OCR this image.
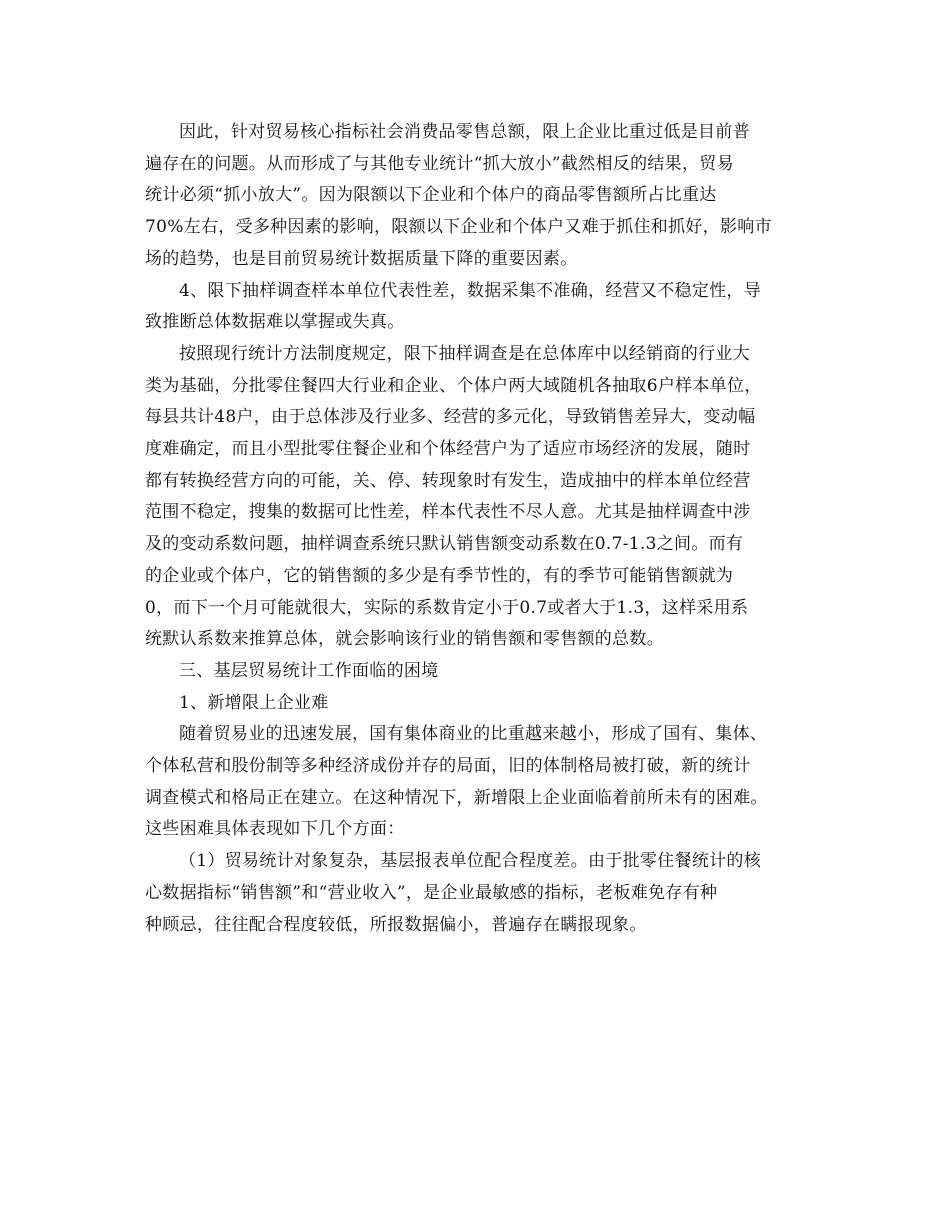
因此，针对贸易核心指标社会消费品零售总额，限上企业比重过低是目前普
遍存在的问题。从而形成了与其他专业统计“抓大放小”截然相反的结果，贸易
统计必须“抓小放大”。因为限额以下企业和个体户的商品零售额所占比重达
70%左右，受多种因素的影响，限额以下企业和个体户又难于抓住和抓好，影响市
场的趋势，也是目前贸易统计数据质量下降的重要因素。

4、限下抽样调查样本单位代表性差，数据采集不准确，经营又不稳定性，导
致推断总体数据难以掌握或失真。

按照现行统计方法制度规定，限下抽样调查是在总体库中以经销商的行业大
类为基础，分批零住餐四大行业和企业、个体户两大域随机各抽取6户样本单位，
每县共计48户，由于总体涉及行业多、经营的多元化，导致销售差异大，变动幅
度难确定，而且小型批零住餐企业和个体经营户为了适应市场经济的发展，随时
都有转换经营方向的可能，关、停、转现象时有发生，造成抽中的样本单位经营
范围不稳定，搜集的数据可比性差，样本代表性不尽人意。尤其是抽样调查中涉
及的变动系数问题，抽样调查系统只默认销售额变动系数在0.7-1.3之间。而有
的企业或个体户，它的销售额的多少是有季节性的，有的季节可能销售额就为
0，而下一个月可能就很大，实际的系数肯定小于0.7或者大于1.3，这样采用系
统默认系数来推算总体，就会影响该行业的销售额和零售额的总数。

三、基层贸易统计工作面临的困境

1、新增限上企业难

随着贸易业的迅速发展，国有集体商业的比重越来越小，形成了国有、集体、
个体私营和股份制等多种经济成份并存的局面，旧的体制格局被打破，新的统计
调查模式和格局正在建立。在这种情况下，新增限上企业面临着前所未有的困难。
这些困难具体表现如下几个方面：

（1）贸易统计对象复杂，基层报表单位配合程度差。由于批零住餐统计的核
心数据指标“销售额”和“营业收入”，是企业最敏感的指标，老板难免存有种
种顾忌，往往配合程度较低，所报数据偏小，普遍存在瞒报现象。
